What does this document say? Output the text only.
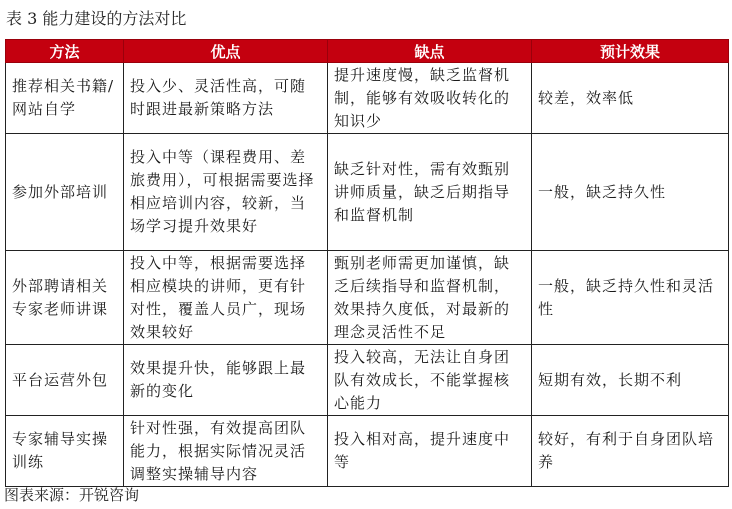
表 3 能力建设的方法对比
方法	优点	缺点	预计效果
推荐相关书籍/网站自学	投入少、灵活性高，可随时跟进最新策略方法	提升速度慢，缺乏监督机制，能够有效吸收转化的知识少	较差，效率低
参加外部培训	投入中等（课程费用、差旅费用），可根据需要选择相应培训内容，较新，当场学习提升效果好	缺乏针对性，需有效甄别讲师质量，缺乏后期指导和监督机制	一般，缺乏持久性
外部聘请相关专家老师讲课	投入中等，根据需要选择相应模块的讲师，更有针对性，覆盖人员广，现场效果较好	甄别老师需更加谨慎，缺乏后续指导和监督机制，效果持久度低，对最新的理念灵活性不足	一般，缺乏持久性和灵活性
平台运营外包	效果提升快，能够跟上最新的变化	投入较高，无法让自身团队有效成长，不能掌握核心能力	短期有效，长期不利
专家辅导实操训练	针对性强，有效提高团队能力，根据实际情况灵活调整实操辅导内容	投入相对高，提升速度中等	较好，有利于自身团队培养
图表来源：开锐咨询
